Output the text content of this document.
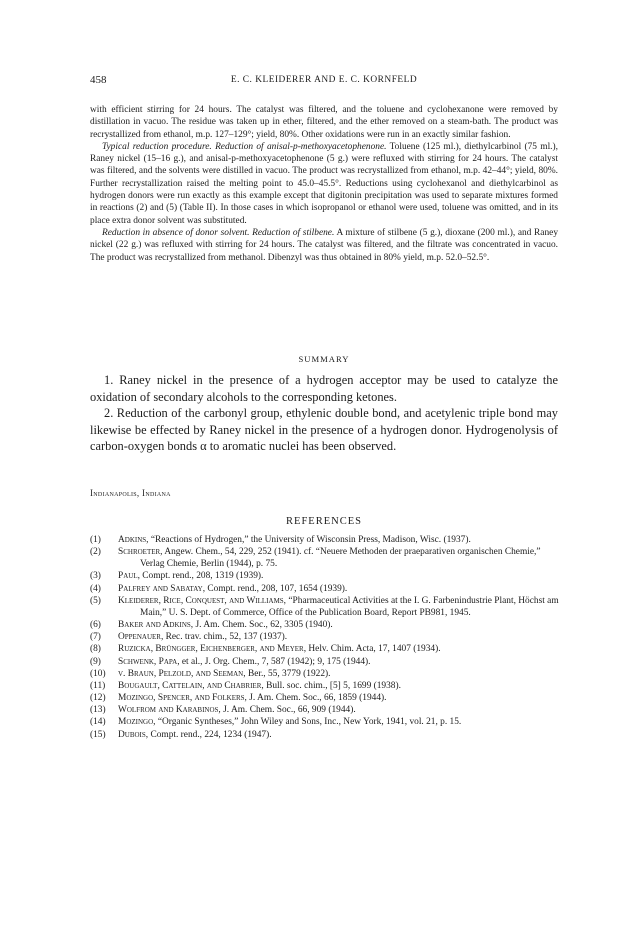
458	E. C. KLEIDERER AND E. C. KORNFELD

with efficient stirring for 24 hours. The catalyst was filtered, and the toluene and cyclohexanone were removed by distillation in vacuo. The residue was taken up in ether, filtered, and the ether removed on a steam-bath. The product was recrystallized from ethanol, m.p. 127–129°; yield, 80%. Other oxidations were run in an exactly similar fashion.

Typical reduction procedure. Reduction of anisal-p-methoxyacetophenone. Toluene (125 ml.), diethylcarbinol (75 ml.), Raney nickel (15–16 g.), and anisal-p-methoxyacetophenone (5 g.) were refluxed with stirring for 24 hours. The catalyst was filtered, and the solvents were distilled in vacuo. The product was recrystallized from ethanol, m.p. 42–44°; yield, 80%. Further recrystallization raised the melting point to 45.0–45.5°. Reductions using cyclohexanol and diethylcarbinol as hydrogen donors were run exactly as this example except that digitonin precipitation was used to separate mixtures formed in reactions (2) and (5) (Table II). In those cases in which isopropanol or ethanol were used, toluene was omitted, and in its place extra donor solvent was substituted.

Reduction in absence of donor solvent. Reduction of stilbene. A mixture of stilbene (5 g.), dioxane (200 ml.), and Raney nickel (22 g.) was refluxed with stirring for 24 hours. The catalyst was filtered, and the filtrate was concentrated in vacuo. The product was recrystallized from methanol. Dibenzyl was thus obtained in 80% yield, m.p. 52.0–52.5°.

SUMMARY

1. Raney nickel in the presence of a hydrogen acceptor may be used to catalyze the oxidation of secondary alcohols to the corresponding ketones.

2. Reduction of the carbonyl group, ethylenic double bond, and acetylenic triple bond may likewise be effected by Raney nickel in the presence of a hydrogen donor. Hydrogenolysis of carbon-oxygen bonds α to aromatic nuclei has been observed.

Indianapolis, Indiana
REFERENCES
(1)	Adkins, “Reactions of Hydrogen,” the University of Wisconsin Press, Madison, Wisc. (1937).
(2)	Schroeter, Angew. Chem., 54, 229, 252 (1941). cf. “Neuere Methoden der praeparativen organischen Chemie,” Verlag Chemie, Berlin (1944), p. 75.
(3)	Paul, Compt. rend., 208, 1319 (1939).
(4)	Palfrey and Sabatay, Compt. rend., 208, 107, 1654 (1939).
(5)	Kleiderer, Rice, Conquest, and Williams, “Pharmaceutical Activities at the I. G. Farbenindustrie Plant, Höchst am Main,” U. S. Dept. of Commerce, Office of the Publication Board, Report PB981, 1945.
(6)	Baker and Adkins, J. Am. Chem. Soc., 62, 3305 (1940).
(7)	Oppenauer, Rec. trav. chim., 52, 137 (1937).
(8)	Ruzicka, Brüngger, Eichenberger, and Meyer, Helv. Chim. Acta, 17, 1407 (1934).
(9)	Schwenk, Papa, et al., J. Org. Chem., 7, 587 (1942); 9, 175 (1944).
(10)	v. Braun, Pelzold, and Seeman, Ber., 55, 3779 (1922).
(11)	Bougault, Cattelain, and Chabrier, Bull. soc. chim., [5] 5, 1699 (1938).
(12)	Mozingo, Spencer, and Folkers, J. Am. Chem. Soc., 66, 1859 (1944).
(13)	Wolfrom and Karabinos, J. Am. Chem. Soc., 66, 909 (1944).
(14)	Mozingo, “Organic Syntheses,” John Wiley and Sons, Inc., New York, 1941, vol. 21, p. 15.
(15)	Dubois, Compt. rend., 224, 1234 (1947).
